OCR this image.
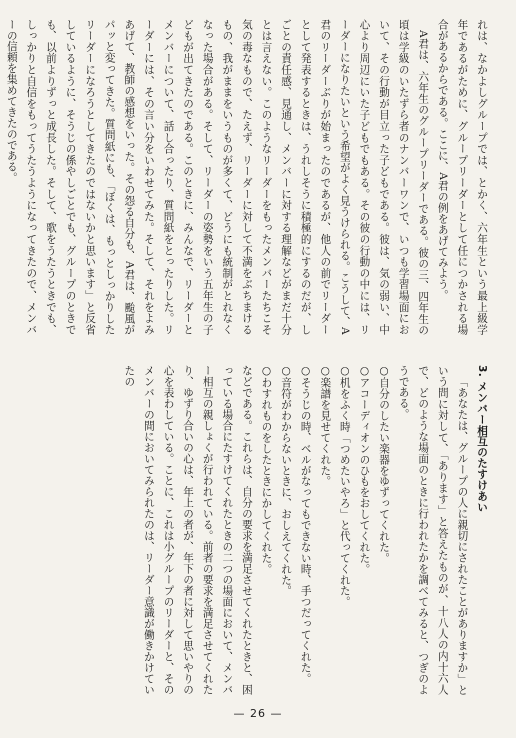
れは、なかよしグループでは、とかく、六年生という最上級学年であるがために、グループリーダーとして任につかされる場合があるからである。ここに、A君の例をあげてみよう。

A君は、六年生のグループリーダーである。彼の三、四年生の頃は学級のいたずら者のナンバーワンで、いつも学習場面において、その行動が目立った子どもである。彼は、気の弱い、中心より周辺にいた子どもでもある。その彼の行動の中には、リーダーになりたいという希望がよく見うけられる。こうして、A君のリーダーぶりが始まったのであるが、他人の前でリーダーとして発表するときは、うれしそうに積極的にするのだが、しごとの責任感、見通し、メンバーに対する理解などがまだ十分とは言えない。このようなリーダーをもったメンバーたちこそ気の毒なもので、たえず、リーダーに対して不満をぶちまけるもの、我がままをいうものが多くて、どうにも統制がとれなくなった場合がある。そして、リーダーの姿勢をいう五年生の子どもが出てきたのである。このときに、みんなで、リーダーとメンバーについて、話し合ったり、質問紙をとったりした。リーダーには、その言い分をいわせてみた。そして、それをよみあげて、教師の感想をいった。その怨る自分も、A君は、颱風がパッと変ってきた。質問紙にも、「ぼくは、もっとしっかりしたリーダーになろうとしてきたのではないかと思います」と反省しているように、そうじの係やしごとでも、グループのときでも、以前よりずっと成長した。そして、歌をうたうときでも、しっかりと自信をもってうたうようになってきたので、メンバーの信頼を集めてきたのである。

3. メンバー相互のたすけあい

「あなたは、グループの人に親切にされたことがありますか」という問に対して、「あります」と答えたものが、十八人の内十六人で、どのような場面のときに行われたかを調べてみると、つぎのようである。

○自分のしたい楽器をゆずってくれた。

○アコーディオンのひもをおしてくれた。

○机をふく時「つめたいやろ」と代ってくれた。

○楽譜を見せてくれた。

○そうじの時、ベルがなってもできない時、手つだってくれた。

○音符がわからないときに、おしえてくれた。

○わすれものをしたときにかしてくれた。

などである。これらは、自分の要求を満足させてくれたときと、困っている場合にたすけてくれたときの二つの場面において、メンバー相互の親しょくが行われている。前者の要求を満足させてくれたり、ゆずり合いの心は、年上の者が、年下の者に対して思いやりの心を表わしている。ことに、これは小グループのリーダーと、そのメンバーの間においてみられたのは、リーダー意識が働きかけていたの

— 26 —
